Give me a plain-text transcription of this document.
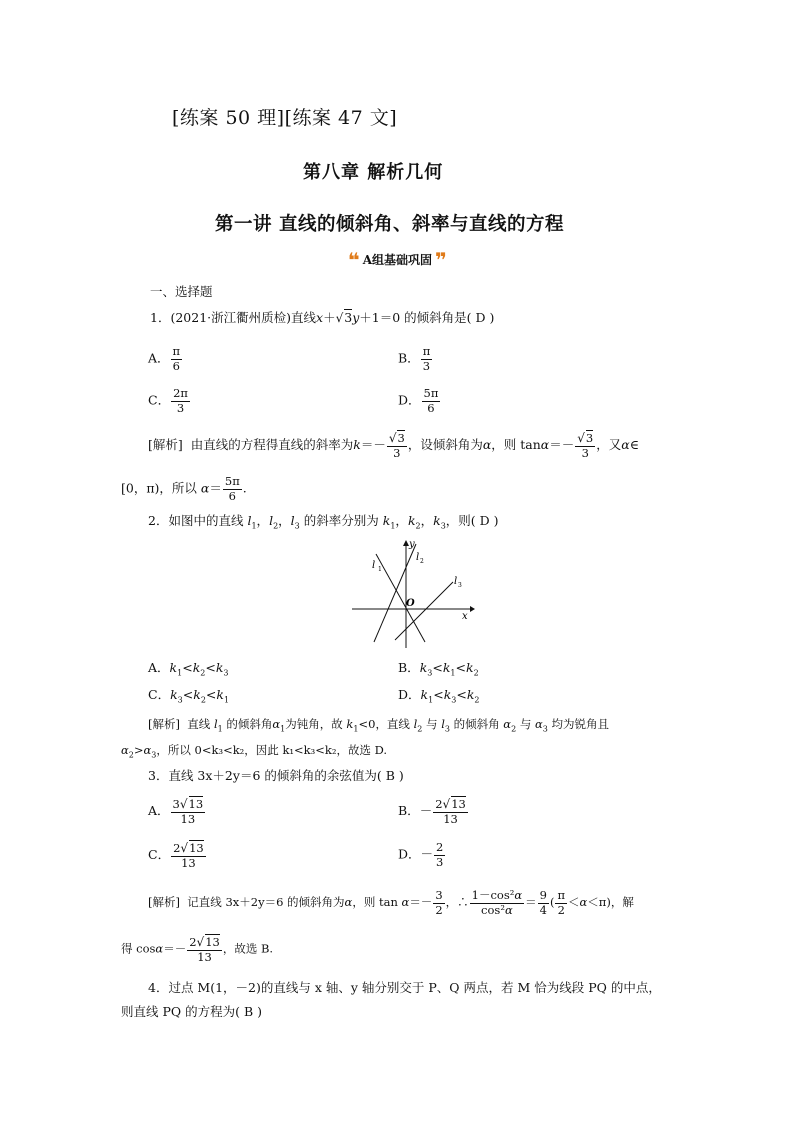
[练案 50 理][练案 47 文]
第八章 解析几何
第一讲 直线的倾斜角、斜率与直线的方程
❝ A组基础巩固 ❞
一、选择题
1．(2021·浙江衢州质检)直线x＋√3y＋1＝0 的倾斜角是( D )
A． $\frac{\pi}{6}$	B． $\frac{\pi}{3}$
C． $\frac{2\pi}{3}$	D． $\frac{5\pi}{6}$
[解析] 由直线的方程得直线的斜率为$k=- \frac{√3}{3}$ ，设倾斜角为α，则 $\tan\alpha=- \frac{√3}{3}$ ，又α∈
[0，π)，所以 $\alpha= \frac{5\pi}{6}$ .
2．如图中的直线 $l_1$，$l_2$，$l_3$ 的斜率分别为 $k_1$，$k_2$，$k_3$，则( D )
l 1
l 2
l 3
y
x
O
A．$k_1<k_2<k_3$	B．$k_3<k_1<k_2$
C．$k_3<k_2<k_1$	D．$k_1<k_3<k_2$
[解析] 直线 $l_1$ 的倾斜角$\alpha_1$为钝角，故 $k_1<0$，直线 $l_2$ 与 $l_3$ 的倾斜角 $\alpha_2$ 与 $\alpha_3$ 均为锐角且
$\alpha_2>\alpha_3$，所以 0<k₃<k₂，因此 k₁<k₃<k₂，故选 D.
3．直线 3x＋2y＝6 的倾斜角的余弦值为( B )
A． $\frac{3√13}{13}$	B．－ $\frac{2√13}{13}$
C． $\frac{2√13}{13}$	D．－ $\frac{2}{3}$
[解析] 记直线 3x＋2y＝6 的倾斜角为α，则 $\tan \alpha=- \frac{3}{2}$ ，∴ $\frac{\text{1－cos²α}}{\text{cos²α}} = \frac{9}{4}$ ( $\frac{\pi}{2} <\alpha<\pi$)，解
得 $\cos\alpha=- \frac{2√13}{13}$ ，故选 B.
4．过点 M(1，－2)的直线与 x 轴、y 轴分别交于 P、Q 两点，若 M 恰为线段 PQ 的中点，
则直线 PQ 的方程为( B )
